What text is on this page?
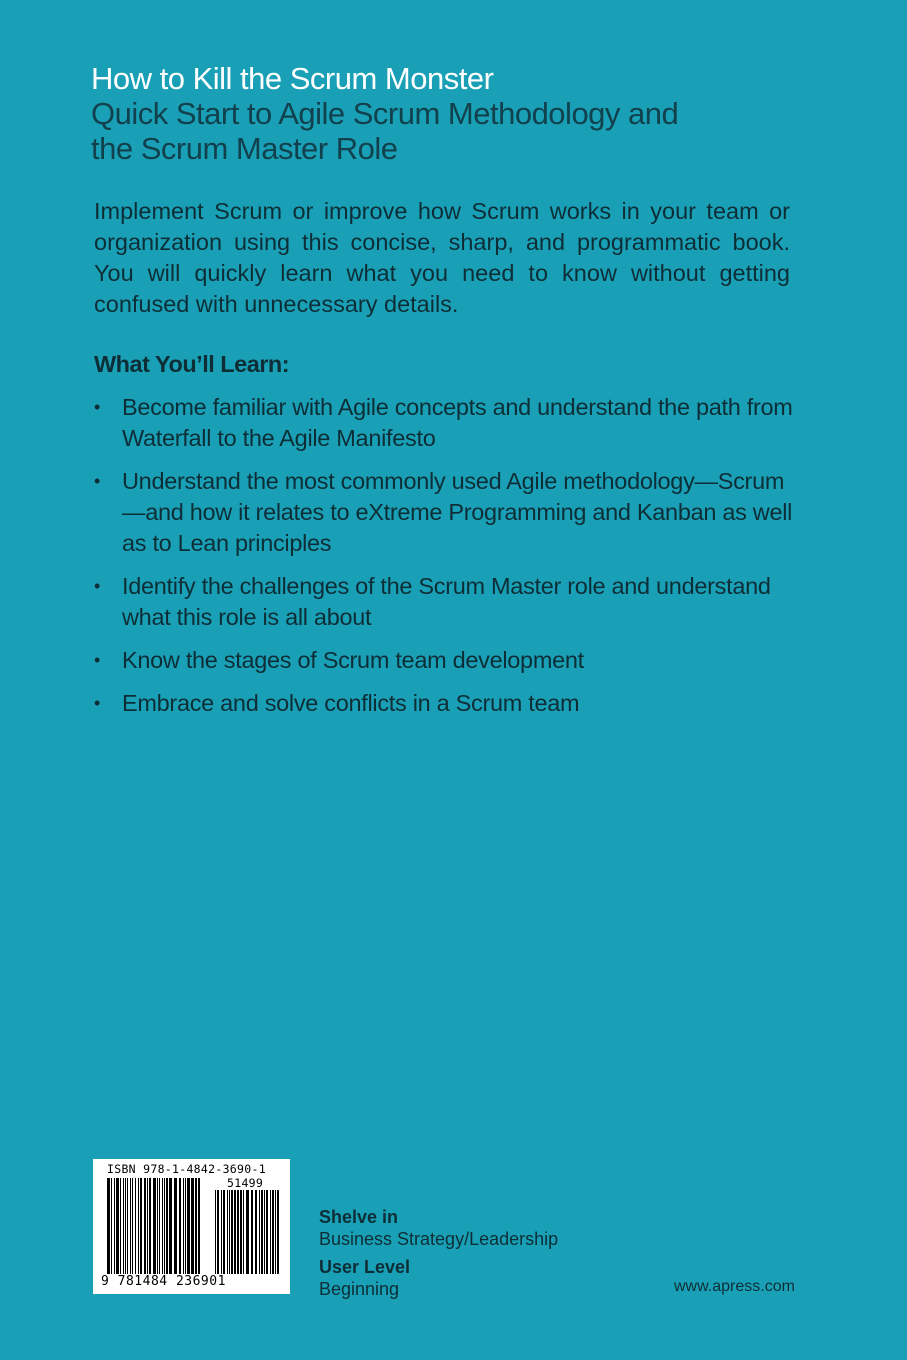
How to Kill the Scrum Monster
Quick Start to Agile Scrum Methodology and the Scrum Master Role

Implement Scrum or improve how Scrum works in your team or organization using this concise, sharp, and programmatic book. You will quickly learn what you need to know without getting confused with unnecessary details.

What You’ll Learn:
• Become familiar with Agile concepts and understand the path from Waterfall to the Agile Manifesto
• Understand the most commonly used Agile methodology—Scrum—and how it relates to eXtreme Programming and Kanban as well as to Lean principles
• Identify the challenges of the Scrum Master role and understand what this role is all about
• Know the stages of Scrum team development
• Embrace and solve conflicts in a Scrum team
ISBN 978-1-4842-3690-1
51499
9 781484 236901
Shelve in
Business Strategy/Leadership
User Level
Beginning	www.apress.com
